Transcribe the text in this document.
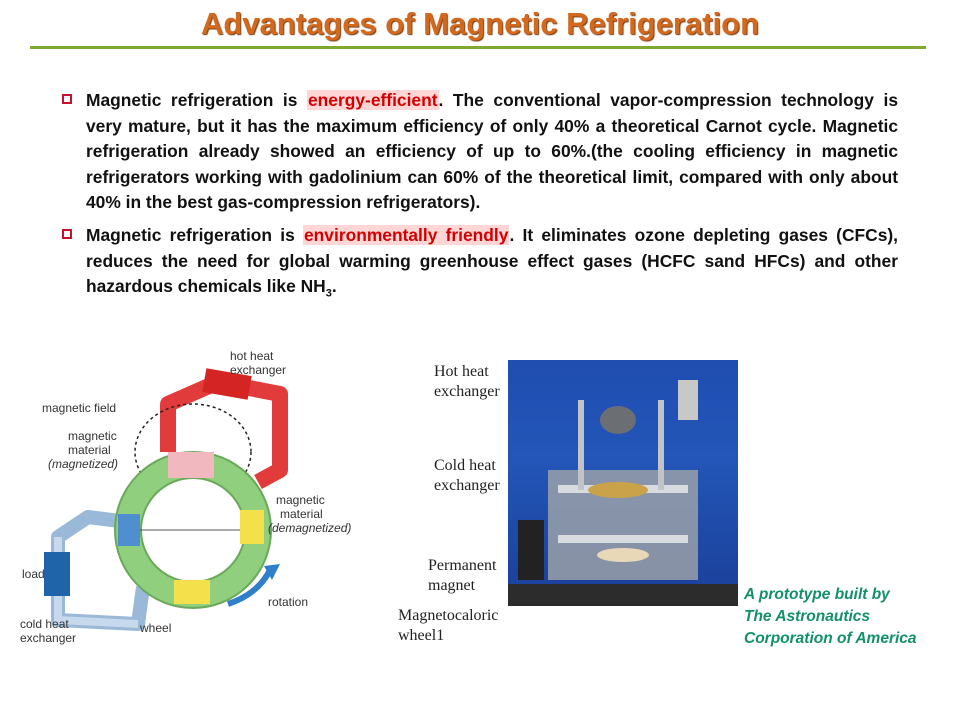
Advantages of Magnetic Refrigeration
Magnetic refrigeration is energy-efficient. The conventional vapor-compression technology is very mature, but it has the maximum efficiency of only 40% a theoretical Carnot cycle. Magnetic refrigeration already showed an efficiency of up to 60%.(the cooling efficiency in magnetic refrigerators working with gadolinium can 60% of the theoretical limit, compared with only about 40% in the best gas-compression refrigerators).
Magnetic refrigeration is environmentally friendly. It eliminates ozone depleting gases (CFCs), reduces the need for global warming greenhouse effect gases (HCFC sand HFCs) and other hazardous chemicals like $NH_3$.
hot heat
exchanger
magnetic field
magnetic
material
(magnetized)
magnetic
material
(demagnetized)
load
rotation
cold heat
exchanger
wheel
Hot heat
exchanger
Cold heat
exchanger
Permanent
magnet
Magnetocaloric
wheel1
A prototype built by
The Astronautics
Corporation of America
